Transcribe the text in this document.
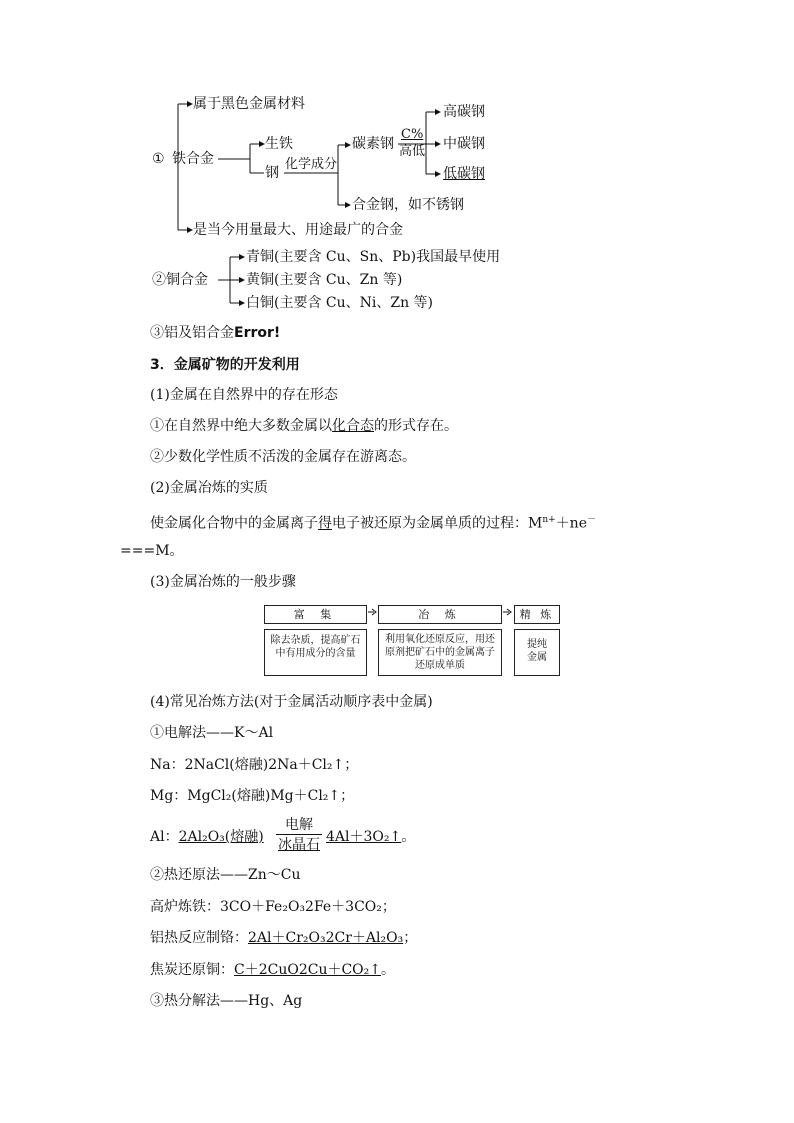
① 铁合金
属于黑色金属材料
生铁
钢
化学成分
碳素钢
C%
高低
高碳钢
中碳钢
低碳钢
合金钢，如不锈钢
是当今用量最大、用途最广的合金
②铜合金
青铜(主要含 Cu、Sn、Pb)我国最早使用
黄铜(主要含 Cu、Zn 等)
白铜(主要含 Cu、Ni、Zn 等)
③铝及铝合金Error!
3．金属矿物的开发利用
(1)金属在自然界中的存在形态
①在自然界中绝大多数金属以化合态的形式存在。
②少数化学性质不活泼的金属存在游离态。
(2)金属冶炼的实质
使金属化合物中的金属离子得电子被还原为金属单质的过程：$M^{n+}+ne^-$
===M。
(3)金属冶炼的一般步骤
富 集	冶 炼	精 炼
除去杂质，提高矿石中有用成分的含量
利用氧化还原反应，用还原剂把矿石中的金属离子还原成单质
提纯金属
(4)常见冶炼方法(对于金属活动顺序表中金属)
①电解法——K～Al
Na：2NaCl(熔融)2Na＋Cl₂↑；
Mg：MgCl₂(熔融)Mg＋Cl₂↑；
Al：2Al₂O₃(熔融)
电解
冰晶石 4Al＋3O₂↑。
②热还原法——Zn～Cu
高炉炼铁：3CO＋Fe₂O₃2Fe＋3CO₂；
铝热反应制铬：2Al＋Cr₂O₃2Cr＋Al₂O₃；
焦炭还原铜：C＋2CuO2Cu＋CO₂↑。
③热分解法——Hg、Ag
